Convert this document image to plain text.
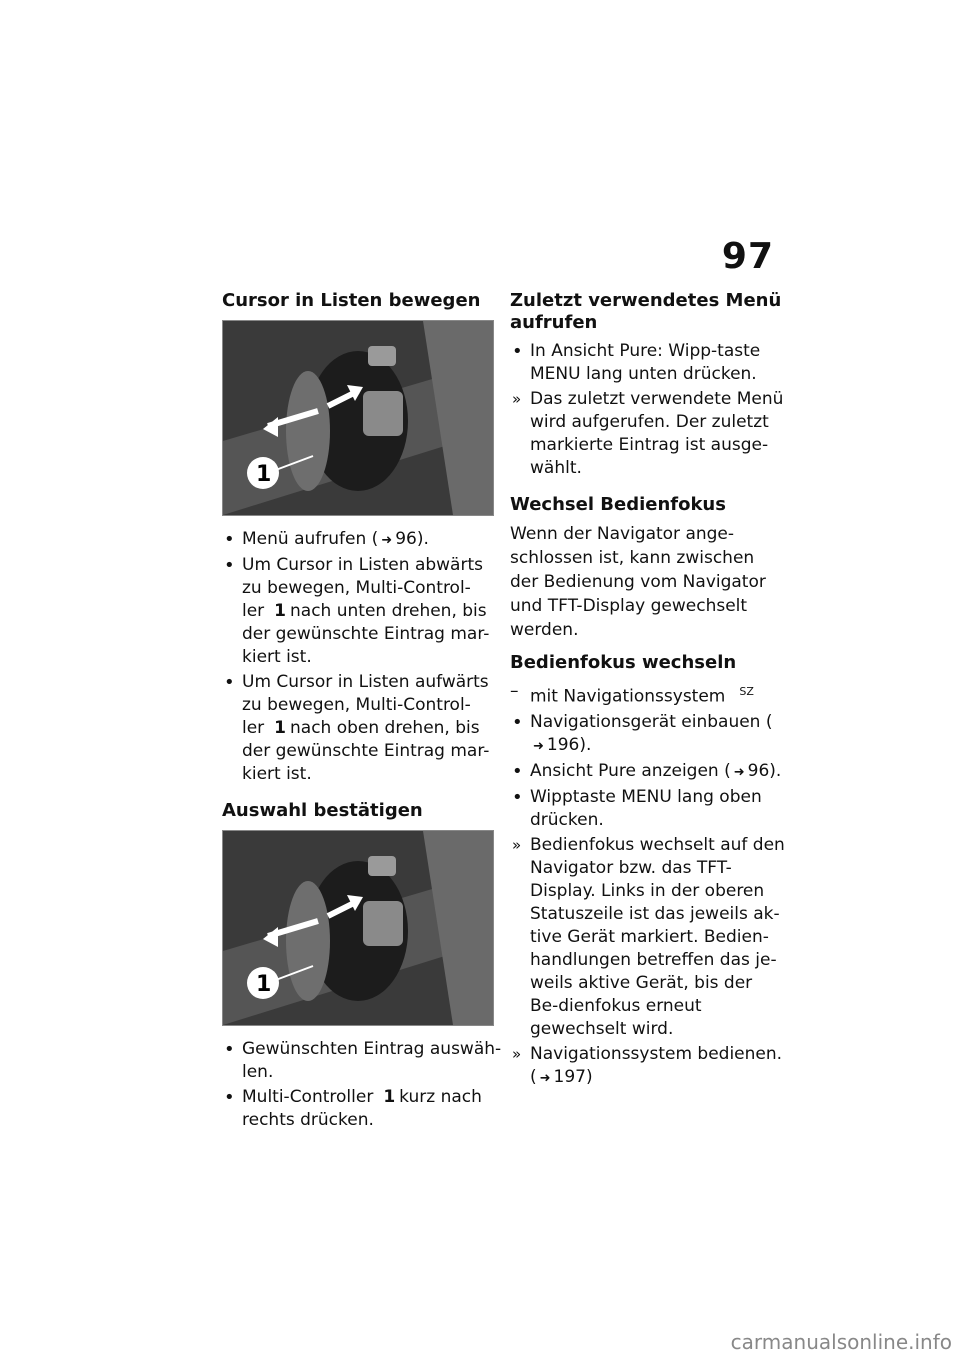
97
Cursor in Listen bewegen
1
• Menü aufrufen ( ➜ 96).
• Um Cursor in Listen abwärts zu bewegen, Multi-Control-ler 1 nach unten drehen, bis der gewünschte Eintrag mar-kiert ist.
• Um Cursor in Listen aufwärts zu bewegen, Multi-Control-ler 1 nach oben drehen, bis der gewünschte Eintrag mar-kiert ist.
Auswahl bestätigen
1
• Gewünschten Eintrag auswäh-len.
• Multi-Controller 1 kurz nach rechts drücken.
Zuletzt verwendetes Menü aufrufen
• In Ansicht Pure: Wipp-taste MENU lang unten drücken.
» Das zuletzt verwendete Menü wird aufgerufen. Der zuletzt markierte Eintrag ist ausge-wählt.
Wechsel Bedienfokus
Wenn der Navigator ange-schlossen ist, kann zwischen der Bedienung vom Navigator und TFT-Display gewechselt werden.
Bedienfokus wechseln
– mit Navigationssystem $^{SZ}$
• Navigationsgerät einbauen (➜ 196).
• Ansicht Pure anzeigen ( ➜ 96).
• Wipptaste MENU lang oben drücken.
» Bedienfokus wechselt auf den Navigator bzw. das TFT-Display. Links in der oberen Statuszeile ist das jeweils ak-tive Gerät markiert. Bedien-handlungen betreffen das je-weils aktive Gerät, bis der Be-dienfokus erneut gewechselt wird.
» Navigationssystem bedienen. ( ➜ 197)
carmanualsonline.info
